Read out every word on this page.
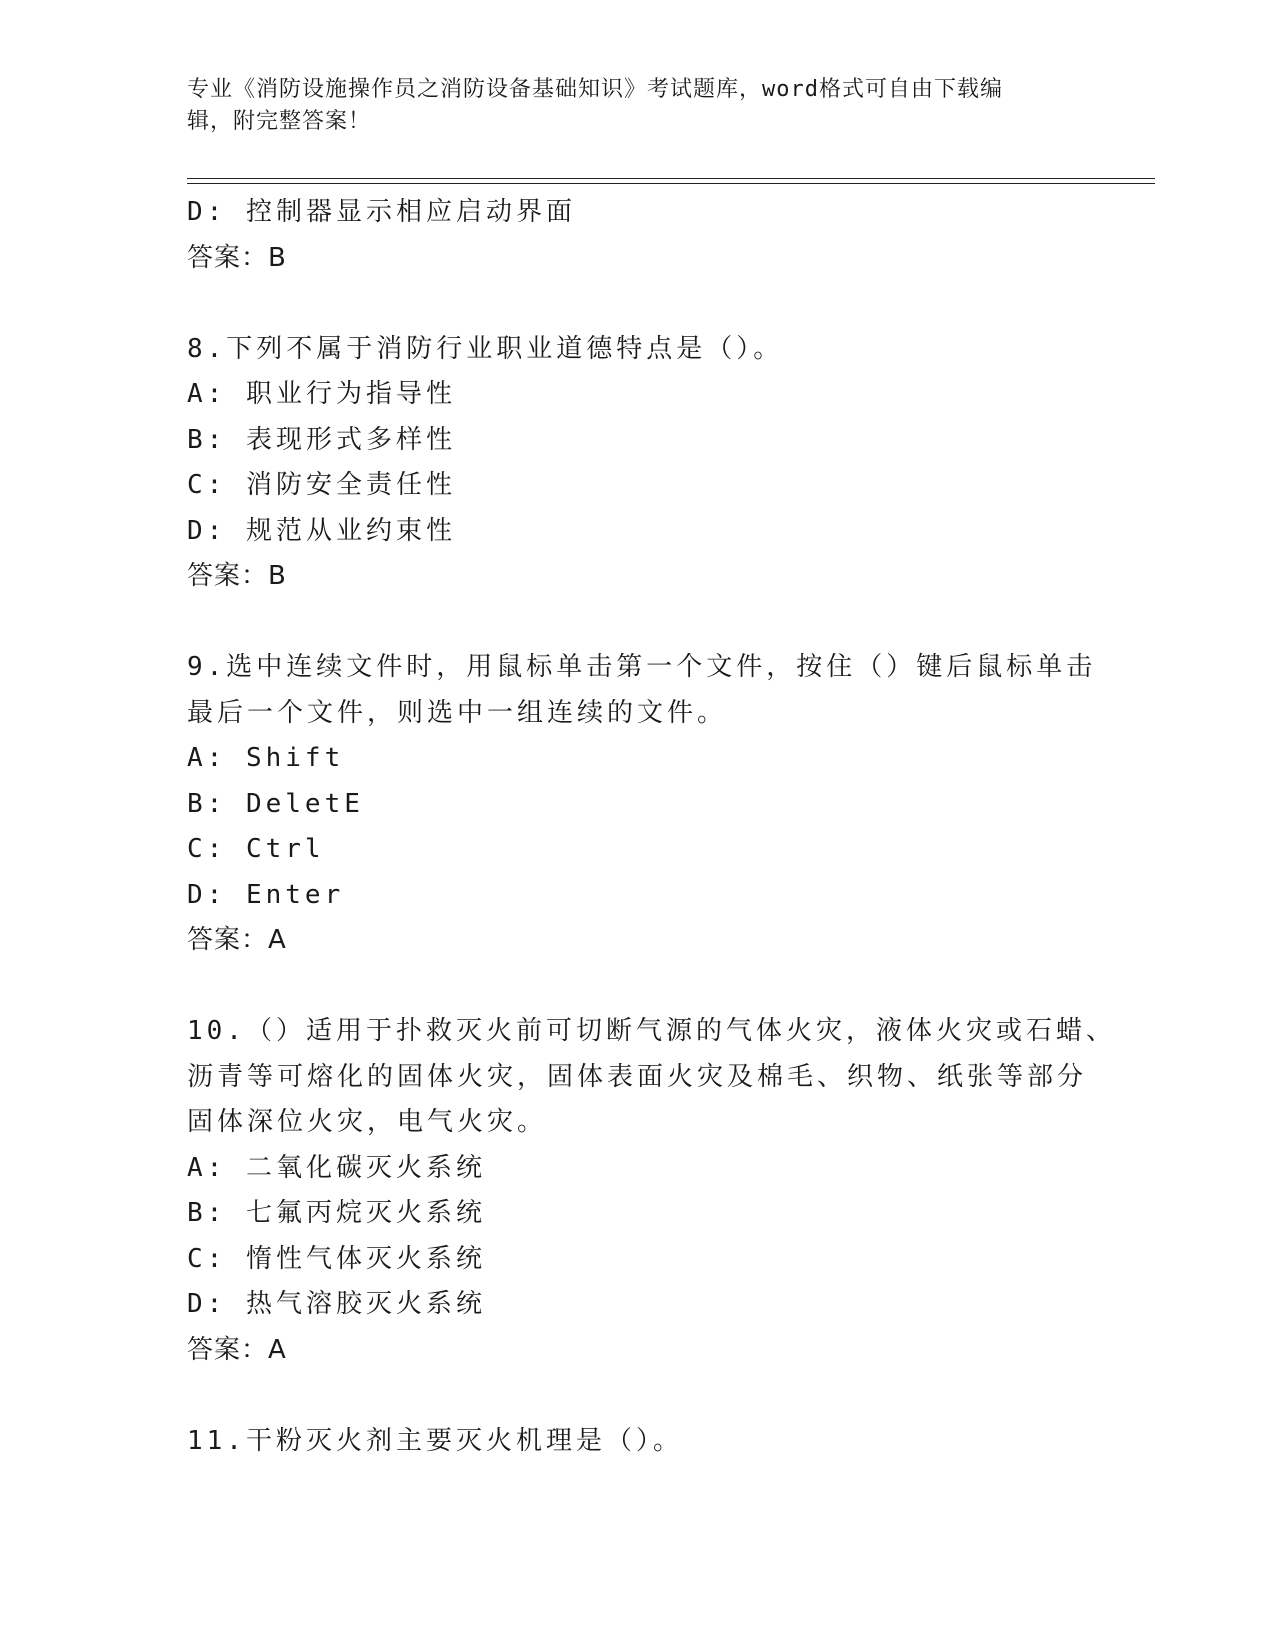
专业《消防设施操作员之消防设备基础知识》考试题库，word格式可自由下载编
辑，附完整答案！
D: 控制器显示相应启动界面
答案：B
8.下列不属于消防行业职业道德特点是（）。
A: 职业行为指导性
B: 表现形式多样性
C: 消防安全责任性
D: 规范从业约束性
答案：B
9.选中连续文件时，用鼠标单击第一个文件，按住（）键后鼠标单击
最后一个文件，则选中一组连续的文件。
A: Shift
B: DeletE
C: Ctrl
D: Enter
答案：A
10.（）适用于扑救灭火前可切断气源的气体火灾，液体火灾或石蜡、
沥青等可熔化的固体火灾，固体表面火灾及棉毛、织物、纸张等部分
固体深位火灾，电气火灾。
A: 二氧化碳灭火系统
B: 七氟丙烷灭火系统
C: 惰性气体灭火系统
D: 热气溶胶灭火系统
答案：A
11.干粉灭火剂主要灭火机理是（）。
